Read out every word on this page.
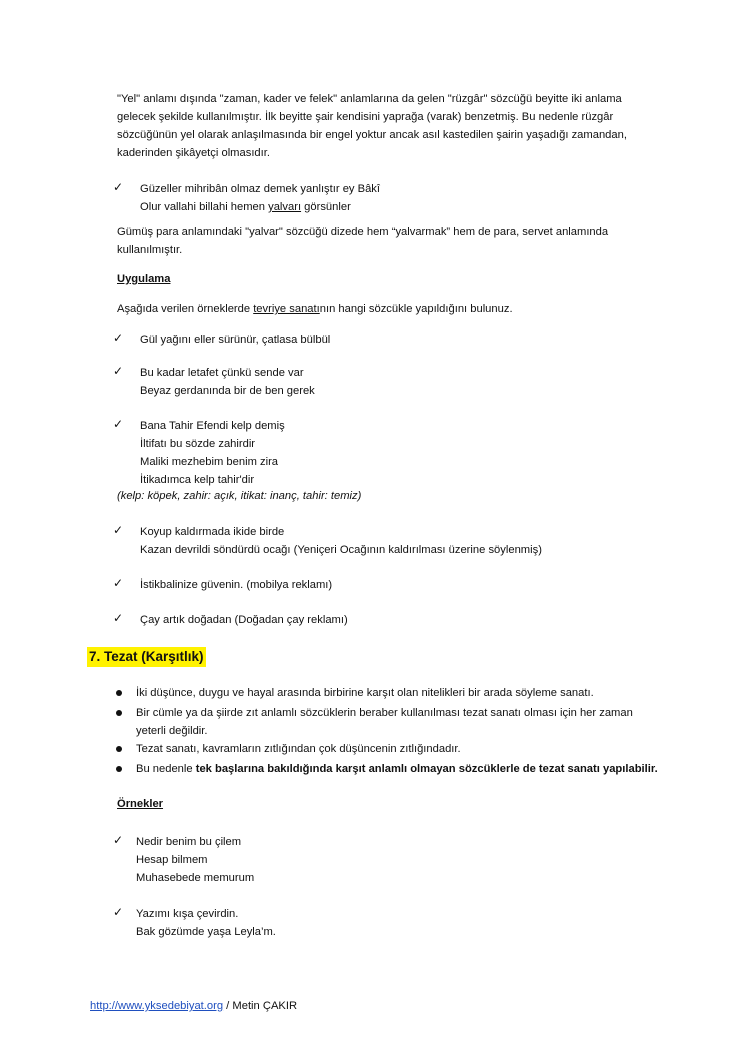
"Yel" anlamı dışında "zaman, kader ve felek" anlamlarına da gelen "rüzgâr" sözcüğü beyitte iki anlama
gelecek şekilde kullanılmıştır. İlk beyitte şair kendisini yaprağa (varak) benzetmiş. Bu nedenle rüzgâr
sözcüğünün yel olarak anlaşılmasında bir engel yoktur ancak asıl kastedilen şairin yaşadığı zamandan,
kaderinden şikâyetçi olmasıdır.
✓ Güzeller mihribân olmaz demek yanlıştır ey Bâkî
Olur vallahi billahi hemen yalvarı görsünler
Gümüş para anlamındaki "yalvar" sözcüğü dizede hem “yalvarmak” hem de para, servet anlamında
kullanılmıştır.
Uygulama
Aşağıda verilen örneklerde tevriye sanatının hangi sözcükle yapıldığını bulunuz.
✓ Gül yağını eller sürünür, çatlasa bülbül
✓ Bu kadar letafet çünkü sende var
Beyaz gerdanında bir de ben gerek
✓ Bana Tahir Efendi kelp demiş
İltifatı bu sözde zahirdir
Maliki mezhebim benim zira
İtikadımca kelp tahir'dir
(kelp: köpek, zahir: açık, itikat: inanç, tahir: temiz)
✓ Koyup kaldırmada ikide birde
Kazan devrildi söndürdü ocağı (Yeniçeri Ocağının kaldırılması üzerine söylenmiş)
✓ İstikbalinize güvenin. (mobilya reklamı)
✓ Çay artık doğadan (Doğadan çay reklamı)
7. Tezat (Karşıtlık)
İki düşünce, duygu ve hayal arasında birbirine karşıt olan nitelikleri bir arada söyleme sanatı.
Bir cümle ya da şiirde zıt anlamlı sözcüklerin beraber kullanılması tezat sanatı olması için her zaman
yeterli değildir.
Tezat sanatı, kavramların zıtlığından çok düşüncenin zıtlığındadır.
Bu nedenle tek başlarına bakıldığında karşıt anlamlı olmayan sözcüklerle de tezat sanatı yapılabilir.
Örnekler
✓ Nedir benim bu çilem
Hesap bilmem
Muhasebede memurum
✓ Yazımı kışa çevirdin.
Bak gözümde yaşa Leyla’m.
http://www.yksedebiyat.org / Metin ÇAKIR
